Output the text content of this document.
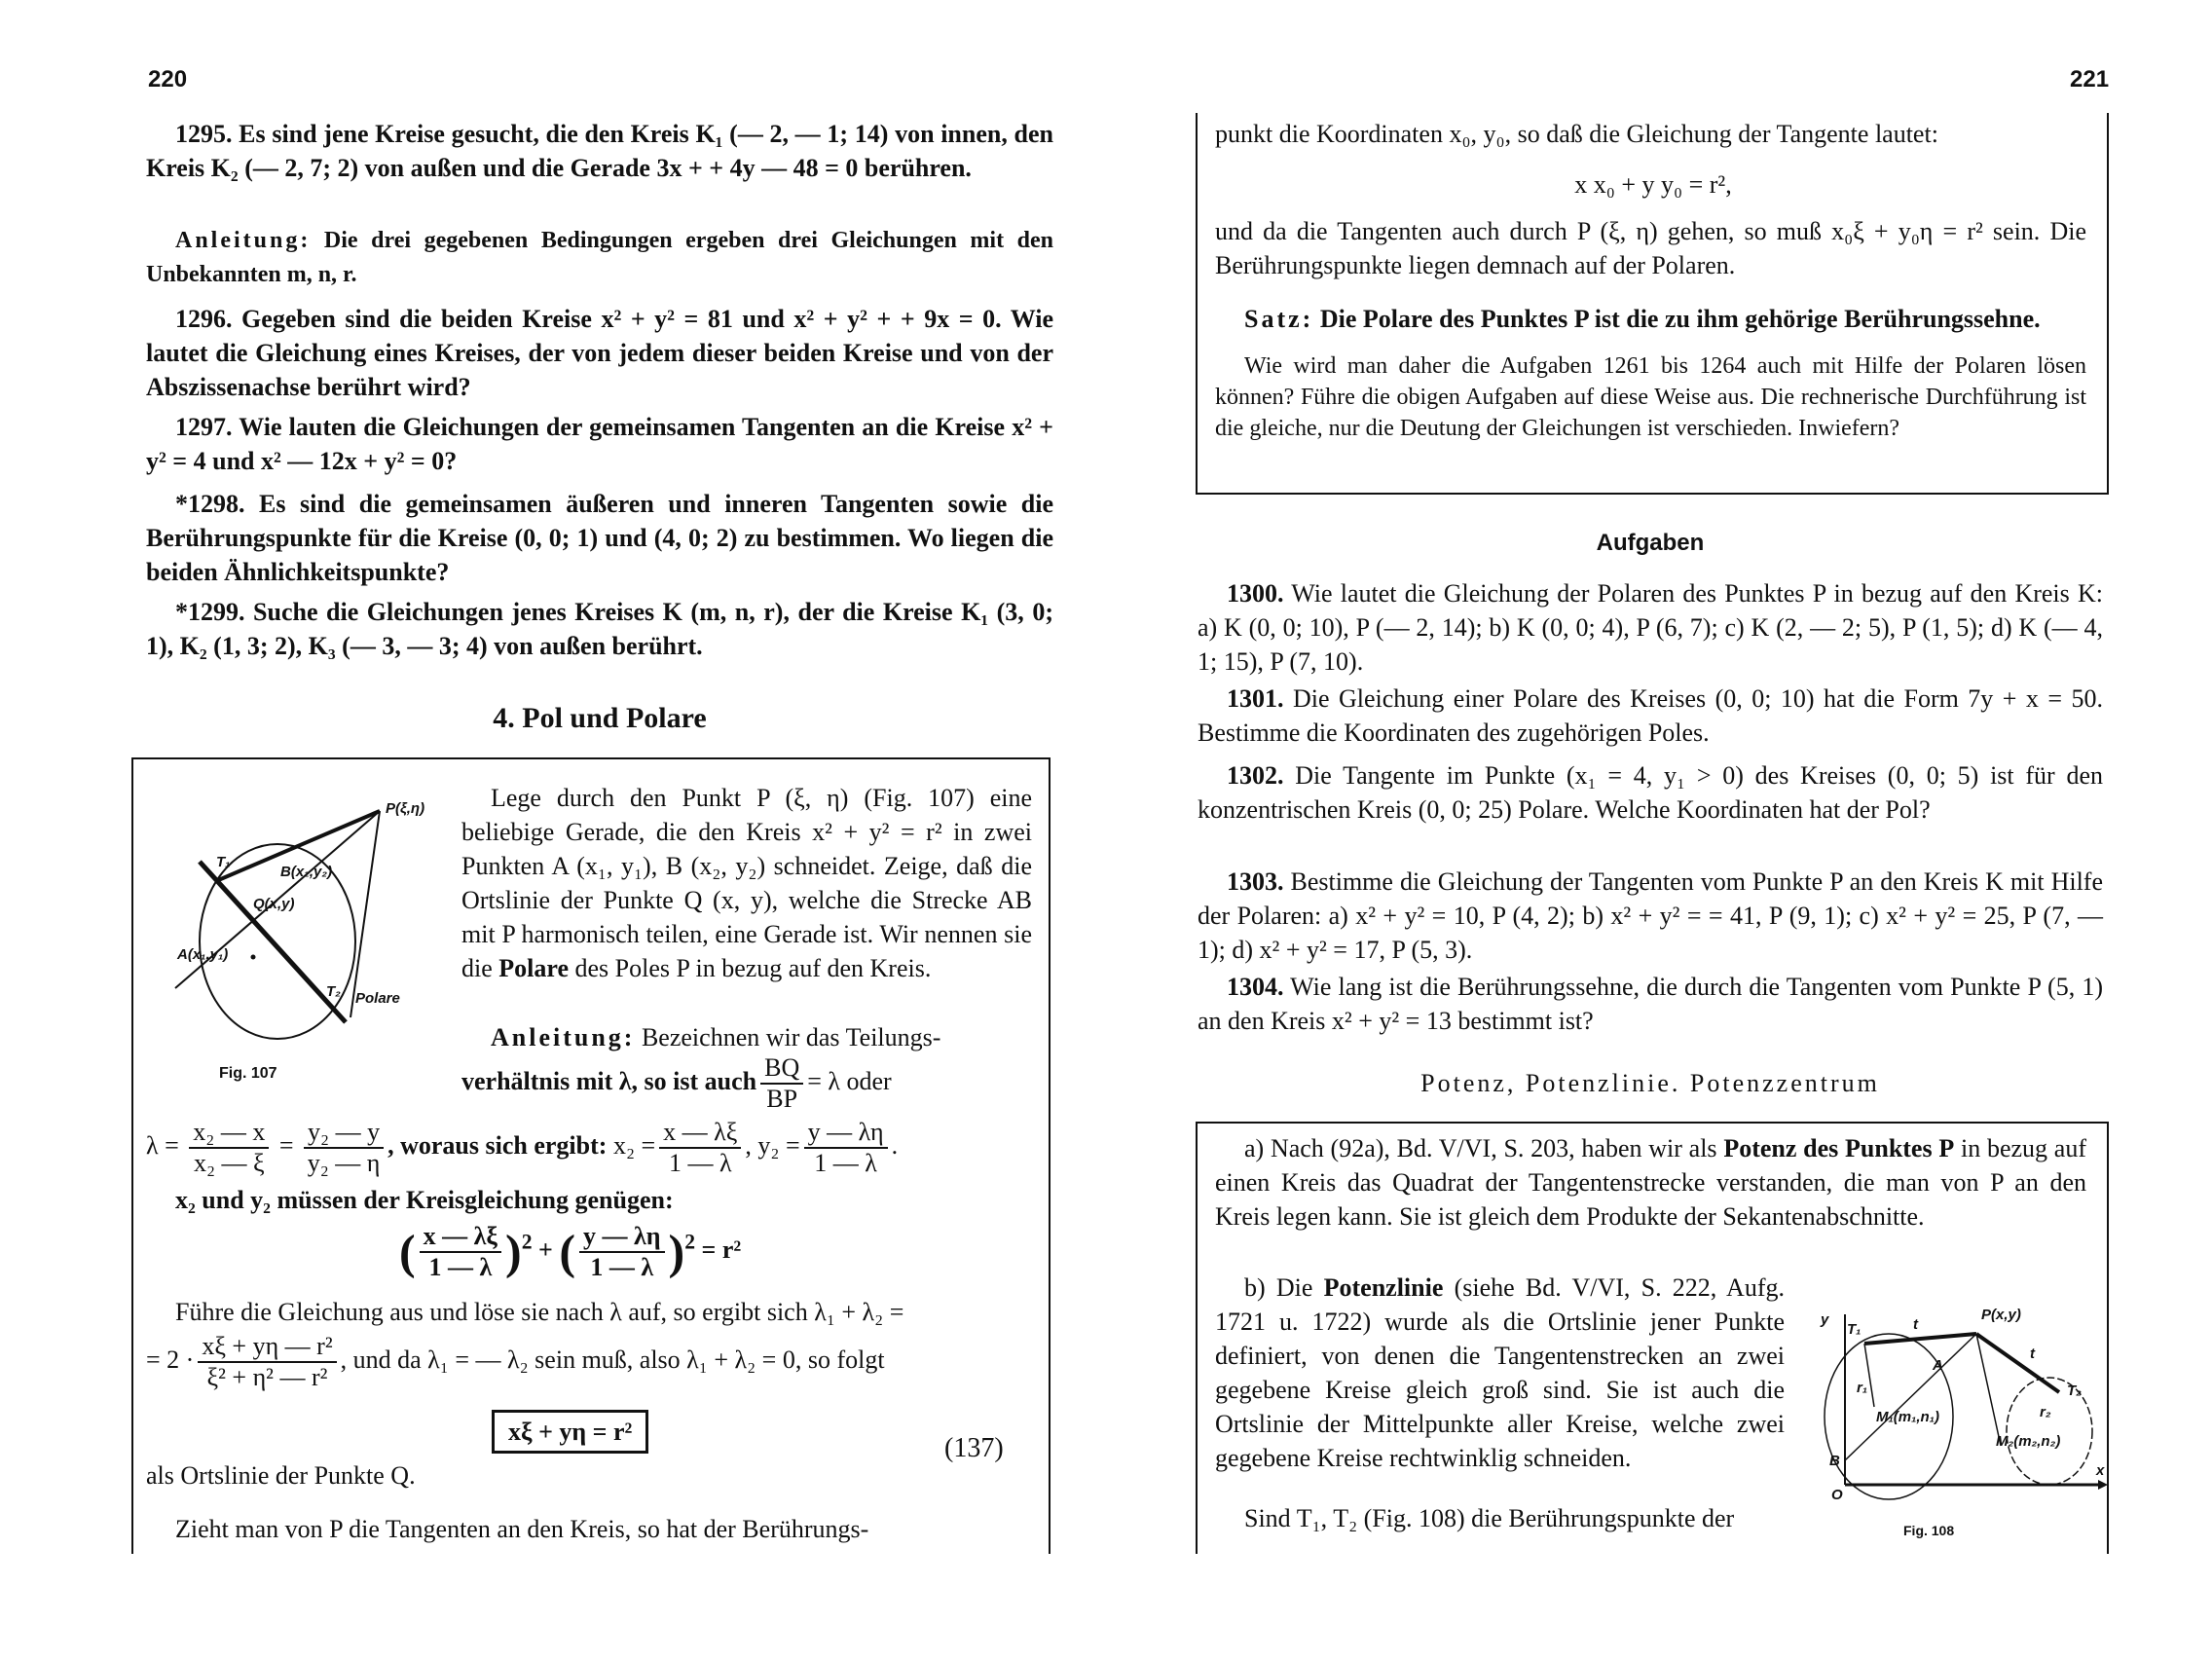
220
1295. Es sind jene Kreise gesucht, die den Kreis K₁ (— 2, — 1; 14) von innen, den Kreis K₂ (— 2, 7; 2) von außen und die Gerade 3x + + 4y — 48 = 0 berühren.
Anleitung: Die drei gegebenen Bedingungen ergeben drei Gleichungen mit den Unbekannten m, n, r.
1296. Gegeben sind die beiden Kreise x² + y² = 81 und x² + y² + + 9x = 0. Wie lautet die Gleichung eines Kreises, der von jedem dieser beiden Kreise und von der Abszissenachse berührt wird?
1297. Wie lauten die Gleichungen der gemeinsamen Tangenten an die Kreise x² + y² = 4 und x² — 12x + y² = 0?
*1298. Es sind die gemeinsamen äußeren und inneren Tangenten sowie die Berührungspunkte für die Kreise (0, 0; 1) und (4, 0; 2) zu bestimmen. Wo liegen die beiden Ähnlichkeitspunkte?
*1299. Suche die Gleichungen jenes Kreises K (m, n, r), der die Kreise K₁ (3, 0; 1), K₂ (1, 3; 2), K₃ (— 3, — 3; 4) von außen berührt.
4. Pol und Polare
P(ξ,η)
T₁
B(x₂,y₂)
Q(x,y)
A(x₁,y₁)
T₂ Polare
Fig. 107
Lege durch den Punkt P (ξ, η) (Fig. 107) eine beliebige Gerade, die den Kreis x² + y² = r² in zwei Punkten A (x₁, y₁), B (x₂, y₂) schneidet. Zeige, daß die Ortslinie der Punkte Q (x, y), welche die Strecke AB mit P harmonisch teilen, eine Gerade ist. Wir nennen sie die Polare des Poles P in bezug auf den Kreis.
Anleitung: Bezeichnen wir das Teilungs-
verhältnis mit λ, so ist auch $\frac{BQ}{BP} = \lambda$ oder
$\lambda = \frac{\text{x₂ — x}}{\text{x₂ — ξ}} = \frac{\text{y₂ — y}}{\text{y₂ — η}}$ , woraus sich ergibt: $x_2 = \frac{x — \lambda\xi}{1 — \lambda}$ , $y_2 = \frac{y — \lambda\eta}{1 — \lambda}$ .
x₂ und y₂ müssen der Kreisgleichung genügen:
( $\frac{x — \lambda\xi}{1 — \lambda} )^2$ + ( $\frac{y — \lambda\eta}{1 — \lambda} )^2 = r^2$
Führe die Gleichung aus und löse sie nach λ auf, so ergibt sich λ₁ + λ₂ =
= $2 \cdot \frac{\text{xξ + yη — r²}}{\text{ξ² + η² — r²}}$ , und da λ₁ = — λ₂ sein muß, also λ₁ + λ₂ = 0, so folgt
xξ + yη = r²
(137)
als Ortslinie der Punkte Q.
Zieht man von P die Tangenten an den Kreis, so hat der Berührungs-
221
punkt die Koordinaten x₀, y₀, so daß die Gleichung der Tangente lautet:
x x₀ + y y₀ = r²,
und da die Tangenten auch durch P (ξ, η) gehen, so muß x₀ξ + y₀η = r² sein. Die Berührungspunkte liegen demnach auf der Polaren.
Satz: Die Polare des Punktes P ist die zu ihm gehörige Berührungssehne.
Wie wird man daher die Aufgaben 1261 bis 1264 auch mit Hilfe der Polaren lösen können? Führe die obigen Aufgaben auf diese Weise aus. Die rechnerische Durchführung ist die gleiche, nur die Deutung der Gleichungen ist verschieden. Inwiefern?
Aufgaben
1300. Wie lautet die Gleichung der Polaren des Punktes P in bezug auf den Kreis K: a) K (0, 0; 10), P (— 2, 14); b) K (0, 0; 4), P (6, 7); c) K (2, — 2; 5), P (1, 5); d) K (— 4, 1; 15), P (7, 10).
1301. Die Gleichung einer Polare des Kreises (0, 0; 10) hat die Form 7y + x = 50. Bestimme die Koordinaten des zugehörigen Poles.
1302. Die Tangente im Punkte (x₁ = 4, y₁ > 0) des Kreises (0, 0; 5) ist für den konzentrischen Kreis (0, 0; 25) Polare. Welche Koordinaten hat der Pol?
1303. Bestimme die Gleichung der Tangenten vom Punkte P an den Kreis K mit Hilfe der Polaren: a) x² + y² = 10, P (4, 2); b) x² + y² = = 41, P (9, 1); c) x² + y² = 25, P (7, — 1); d) x² + y² = 17, P (5, 3).
1304. Wie lang ist die Berührungssehne, die durch die Tangenten vom Punkte P (5, 1) an den Kreis x² + y² = 13 bestimmt ist?
Potenz, Potenzlinie. Potenzzentrum
a) Nach (92a), Bd. V/VI, S. 203, haben wir als Potenz des Punktes P in bezug auf einen Kreis das Quadrat der Tangentenstrecke verstanden, die man von P an den Kreis legen kann. Sie ist gleich dem Produkte der Sekantenabschnitte.
b) Die Potenzlinie (siehe Bd. V/VI, S. 222, Aufg. 1721 u. 1722) wurde als die Ortslinie jener Punkte definiert, von denen die Tangentenstrecken an zwei gegebene Kreise gleich groß sind. Sie ist auch die Ortslinie der Mittelpunkte aller Kreise, welche zwei gegebene Kreise rechtwinklig schneiden.
Sind T₁, T₂ (Fig. 108) die Berührungspunkte der
y
T₁	t
P(x,y)
t
A
r₁
M₁(m₁,n₁)	r₂
T₂
M₂(m₂,n₂)
B
O
x
Fig. 108
